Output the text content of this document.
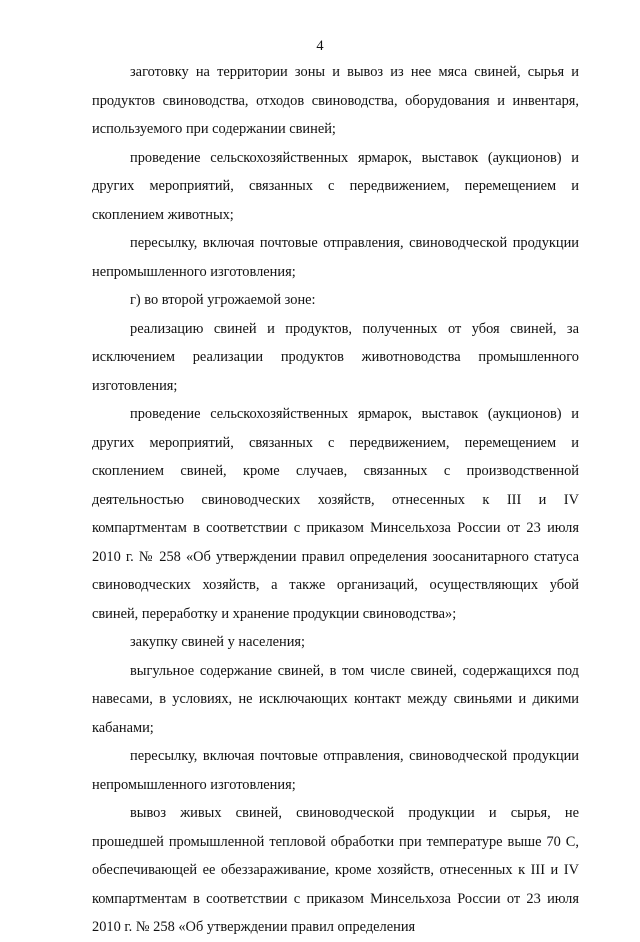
4

заготовку на территории зоны и вывоз из нее мяса свиней, сырья и продуктов свиноводства, отходов свиноводства, оборудования и инвентаря, используемого при содержании свиней;

проведение сельскохозяйственных ярмарок, выставок (аукционов) и других мероприятий, связанных с передвижением, перемещением и скоплением животных;

пересылку, включая почтовые отправления, свиноводческой продукции непромышленного изготовления;

г) во второй угрожаемой зоне:

реализацию свиней и продуктов, полученных от убоя свиней, за исключением реализации продуктов животноводства промышленного изготовления;

проведение сельскохозяйственных ярмарок, выставок (аукционов) и других мероприятий, связанных с передвижением, перемещением и скоплением свиней, кроме случаев, связанных с производственной деятельностью свиноводческих хозяйств, отнесенных к III и IV компартментам в соответствии с приказом Минсельхоза России от 23 июля 2010 г. № 258 «Об утверждении правил определения зоосанитарного статуса свиноводческих хозяйств, а также организаций, осуществляющих убой свиней, переработку и хранение продукции свиноводства»;

закупку свиней у населения;

выгульное содержание свиней, в том числе свиней, содержащихся под навесами, в условиях, не исключающих контакт между свиньями и дикими кабанами;

пересылку, включая почтовые отправления, свиноводческой продукции непромышленного изготовления;

вывоз живых свиней, свиноводческой продукции и сырья, не прошедшей промышленной тепловой обработки при температуре выше 70 С, обеспечивающей ее обеззараживание, кроме хозяйств, отнесенных к III и IV компартментам в соответствии с приказом Минсельхоза России от 23 июля 2010 г. № 258 «Об утверждении правил определения
